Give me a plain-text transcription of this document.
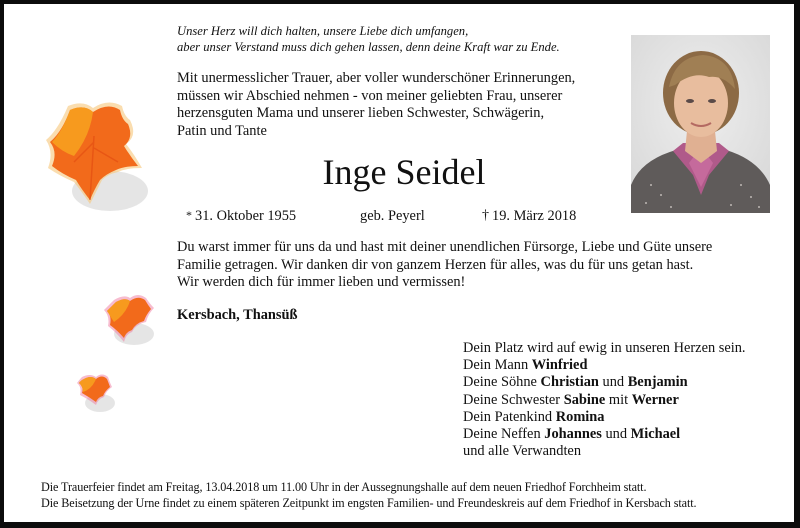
Unser Herz will dich halten, unsere Liebe dich umfangen,
aber unser Verstand muss dich gehen lassen, denn deine Kraft war zu Ende.
Mit unermesslicher Trauer, aber voller wunderschöner Erinnerungen,
müssen wir Abschied nehmen - von meiner geliebten Frau, unserer
herzensguten Mama und unserer lieben Schwester, Schwägerin,
Patin und Tante
Inge Seidel
* 31. Oktober 1955	geb. Peyerl	† 19. März 2018
Du warst immer für uns da und hast mit deiner unendlichen Fürsorge, Liebe und Güte unsere
Familie getragen. Wir danken dir von ganzem Herzen für alles, was du für uns getan hast.
Wir werden dich für immer lieben und vermissen!
Kersbach, Thansüß
Dein Platz wird auf ewig in unseren Herzen sein.
Dein Mann Winfried
Deine Söhne Christian und Benjamin
Deine Schwester Sabine mit Werner
Dein Patenkind Romina
Deine Neffen Johannes und Michael
und alle Verwandten
Die Trauerfeier findet am Freitag, 13.04.2018 um 11.00 Uhr in der Aussegnungshalle auf dem neuen Friedhof Forchheim statt.
Die Beisetzung der Urne findet zu einem späteren Zeitpunkt im engsten Familien- und Freundeskreis auf dem Friedhof in Kersbach statt.
